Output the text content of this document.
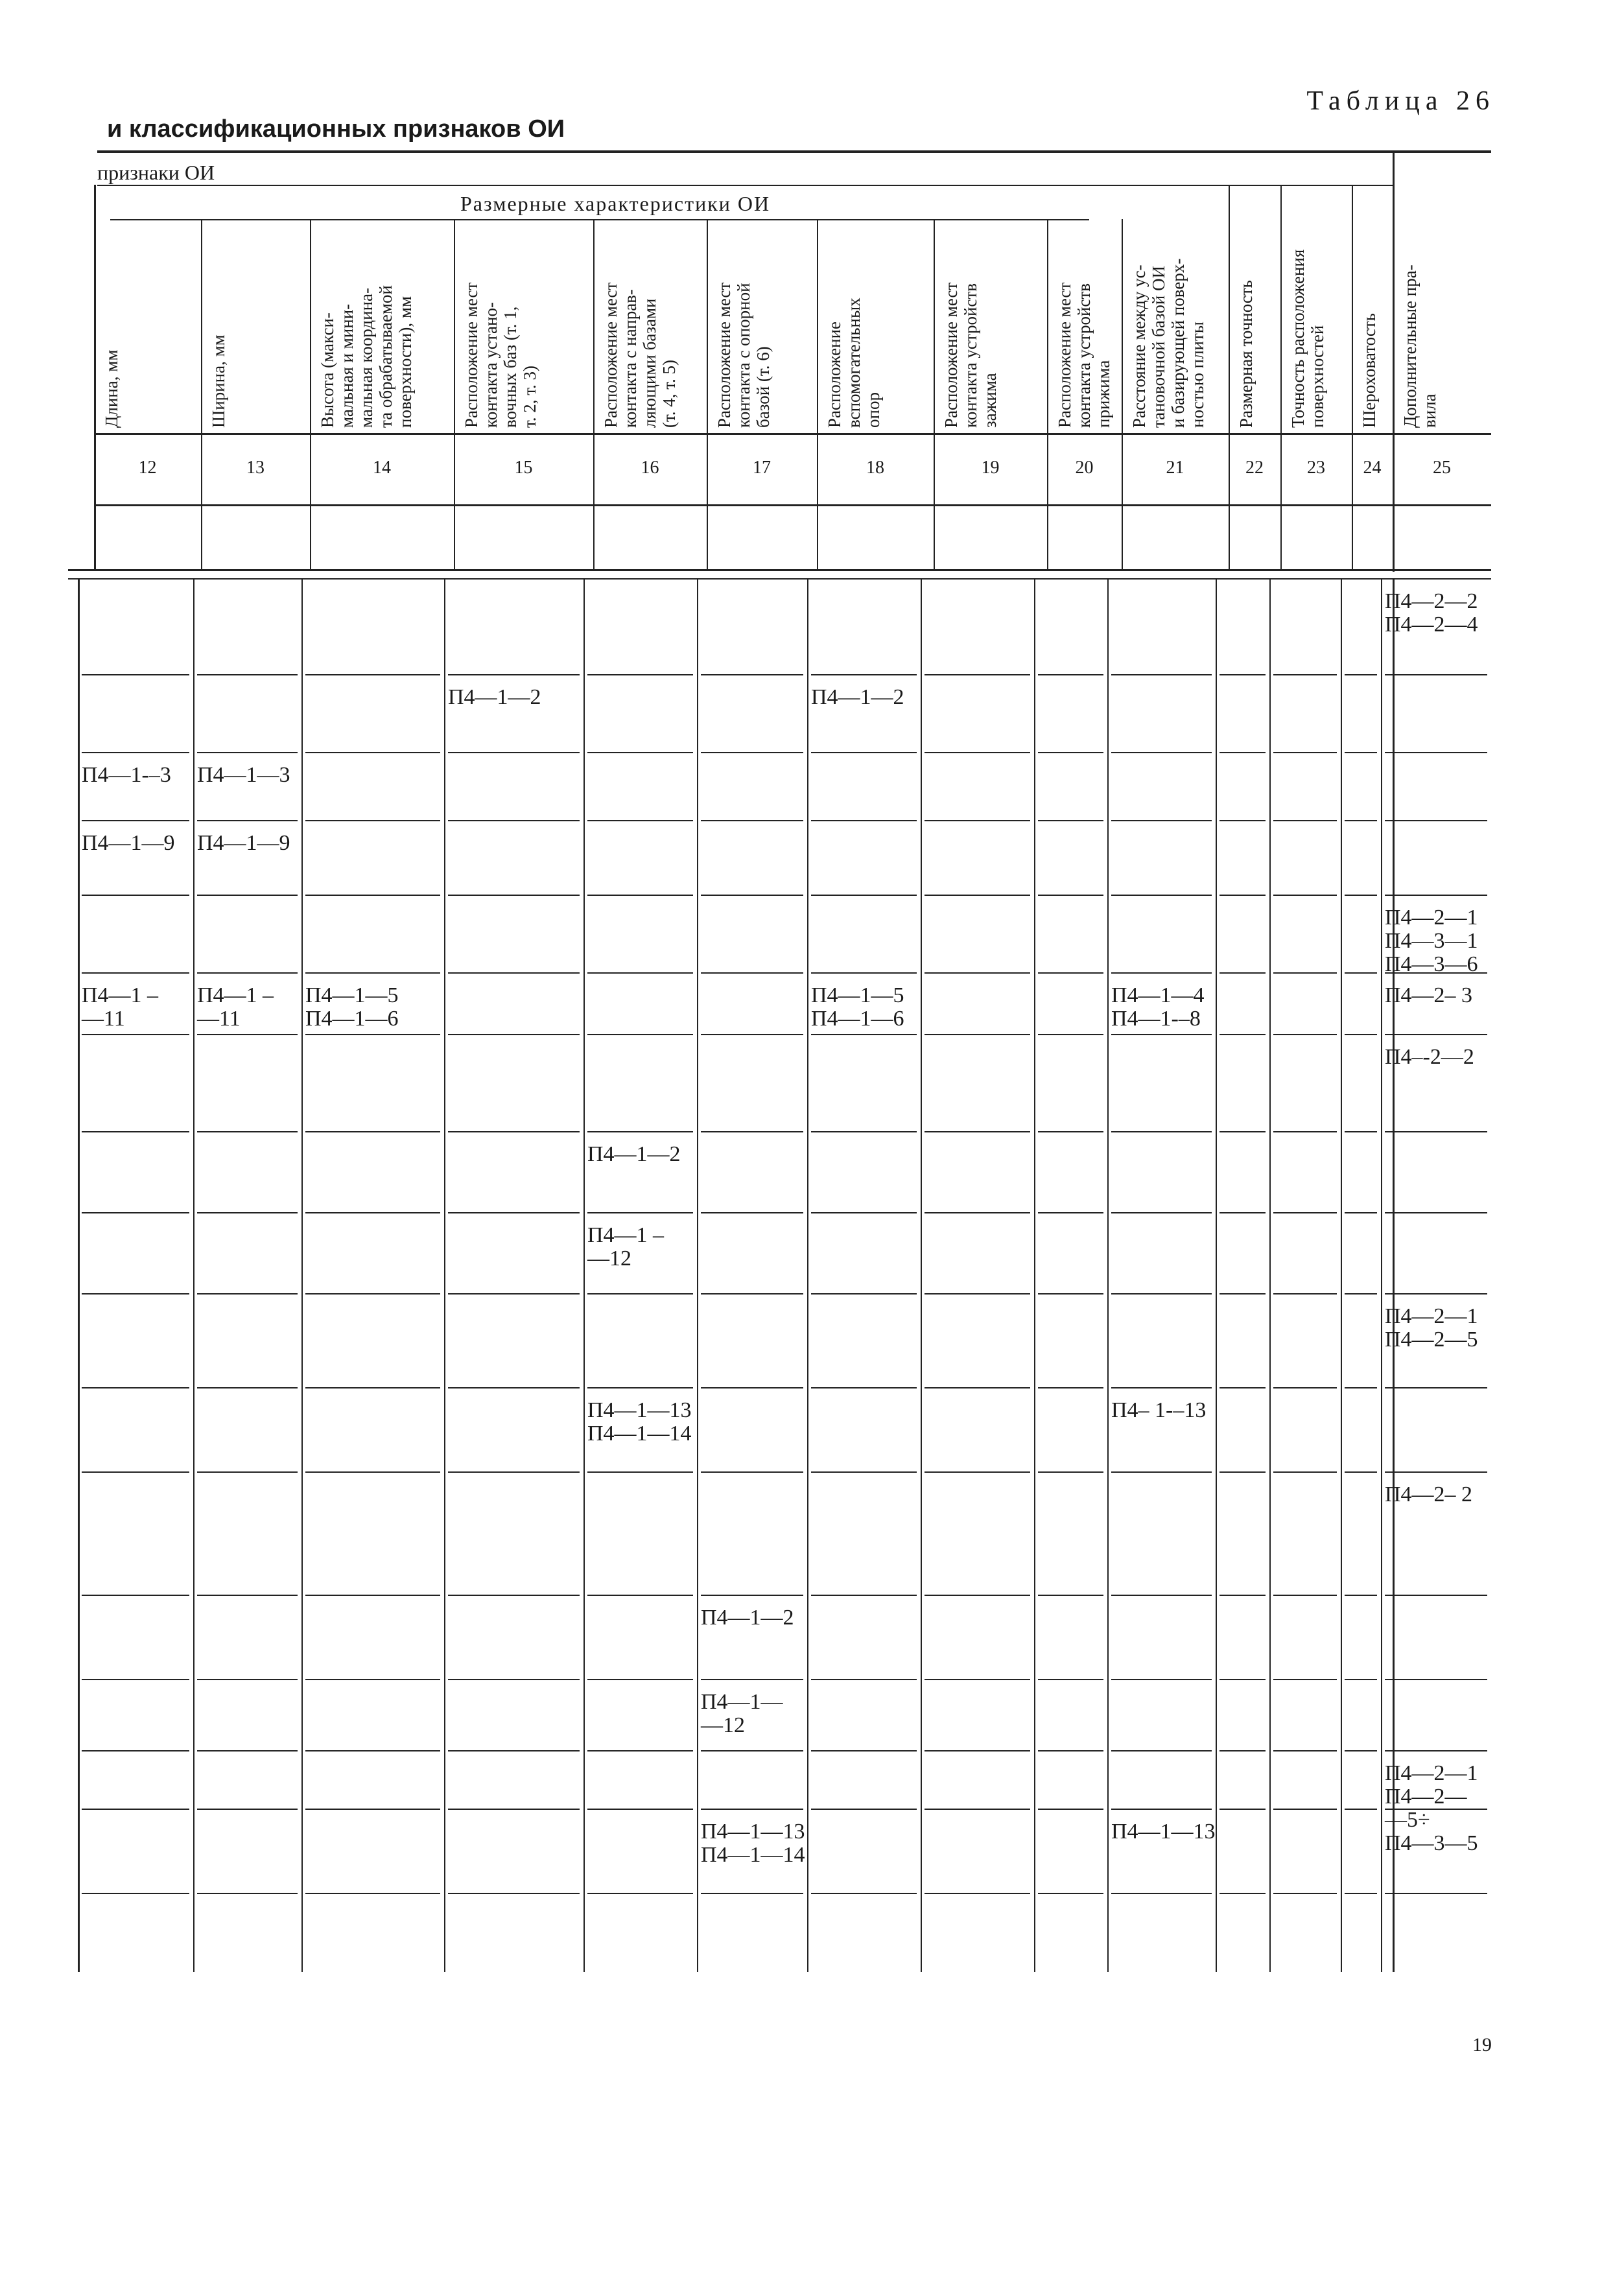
Таблица 26
и классификационных признаков ОИ
признаки ОИ
Размерные характеристики ОИ
19
Длина, мм
12
Ширина, мм
13
Высота (макси-
мальная и мини-
мальная координа-
та обрабатываемой
поверхности), мм
14
Расположение мест
контакта устано-
вочных баз (т. 1,
т. 2, т. 3)
15
Расположение мест
контакта с направ-
ляющими базами
(т. 4, т. 5)
16
Расположение мест
контакта с опорной
базой (т. 6)
17
Расположение
вспомогательных
опор
18
Расположение мест
контакта устройств
зажима
19
Расположение мест
контакта устройств
прижима
20
Расстояние между ус-
тановочной базой ОИ
и базирующей поверх-
ностью плиты
21
Размерная точность
22
Точность расположения
поверхностей
23
Шероховатость
24
Дополнительные пра-
вила
25
П4—2—2
П4—2—4
П4—1—2	П4—1—2
П4—1-–3 П4—1—3
П4—1—9 П4—1—9
П4—2—1
П4—3—1
П4—3—6
П4—1 –
—11
П4—1 –
—11
П4—1—5
П4—1—6
П4—1—5
П4—1—6
П4—1—4
П4—1-–8
П4—2– 3
П4–-2—2
П4—1—2
П4—1 –
—12
П4—2—1
П4—2—5
П4—1—13
П4—1—14
П4– 1-–13
П4—2– 2
П4—1—2
П4—1—
—12
П4—2—1
П4—2—
—5÷
П4—3—5
П4—1—13
П4—1—14
П4—1—13
